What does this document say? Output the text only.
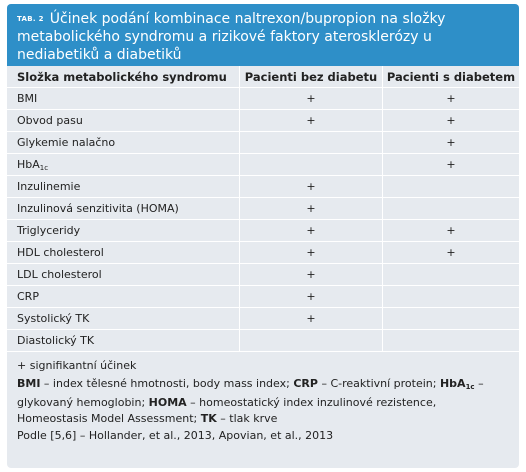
TAB. 2 Účinek podání kombinace naltrexon/bupropion na složky metabolického syndromu a rizikové faktory aterosklerózy u nediabetiků a diabetiků
Složka metabolického syndromu	Pacienti bez diabetu	Pacienti s diabetem
BMI	+	+
Obvod pasu	+	+
Glykemie nalačno		+
HbA$_{1c}$		+
Inzulinemie	+	
Inzulinová senzitivita (HOMA)	+	
Triglyceridy	+	+
HDL cholesterol	+	+
LDL cholesterol	+	
CRP	+	
Systolický TK	+	
Diastolický TK		

+ signifikantní účinek

BMI – index tělesné hmotnosti, body mass index; CRP – C-reaktivní protein; HbA$_{1c}$ – glykovaný hemoglobin; HOMA – homeostatický index inzulinové rezistence, Homeostasis Model Assessment; TK – tlak krve

Podle [5,6] – Hollander, et al., 2013, Apovian, et al., 2013
